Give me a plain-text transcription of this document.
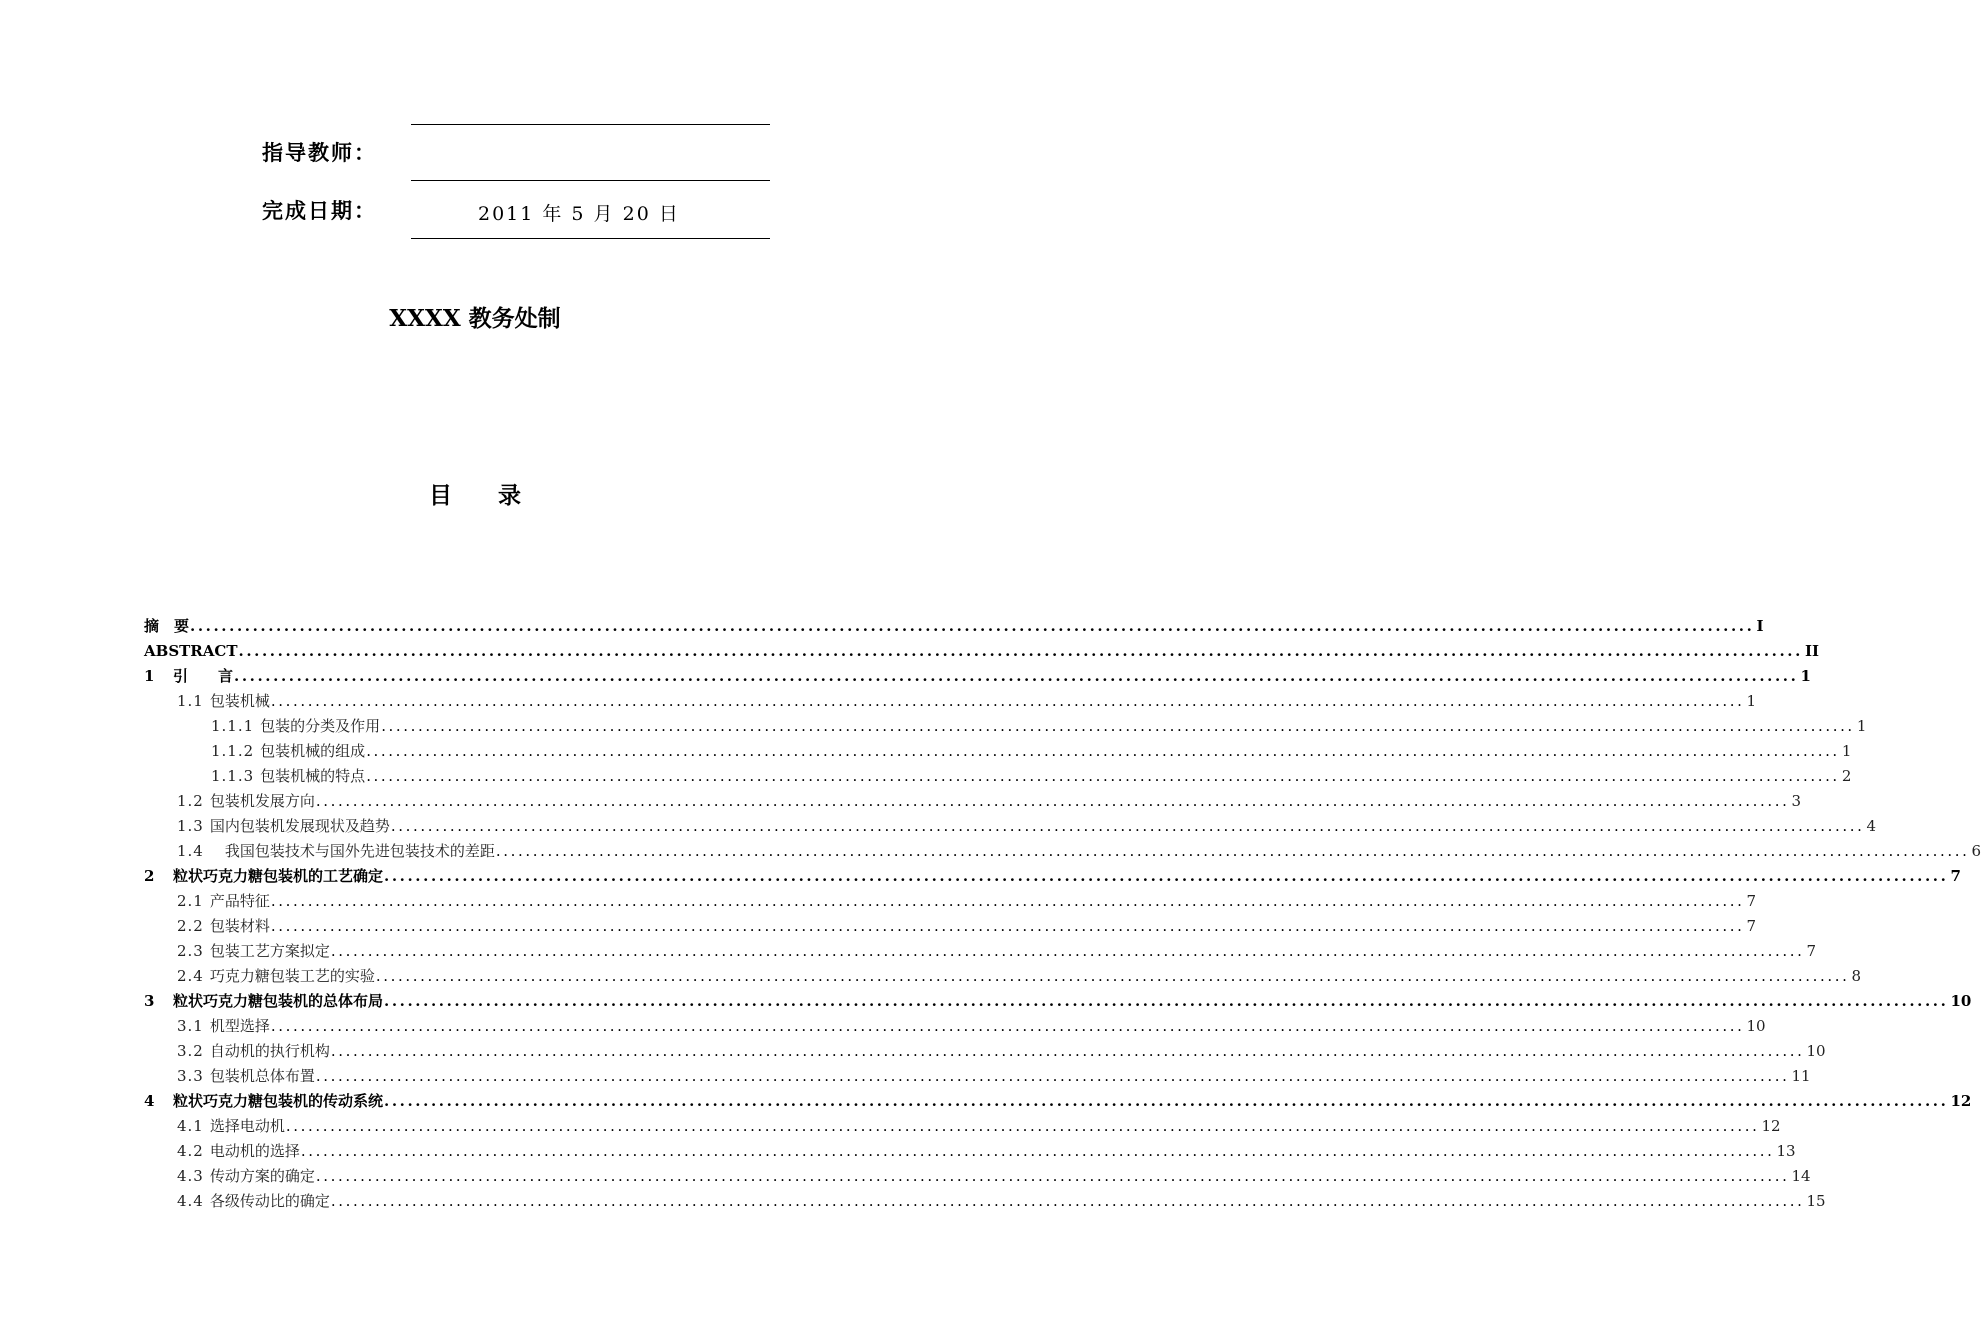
指导教师：
完成日期：	2011 年 5 月 20 日
XXXX 教务处制
目 录
摘　要 ........................................................................................................................................................................................................ I
ABSTRACT ........................................................................................................................................................................................................ II
1 引　　言 ........................................................................................................................................................................................................ 1
1.1 包装机械 ........................................................................................................................................................................................................ 1
1.1.1 包装的分类及作用 ........................................................................................................................................................................................................ 1
1.1.2 包装机械的组成 ........................................................................................................................................................................................................ 1
1.1.3 包装机械的特点 ........................................................................................................................................................................................................ 2
1.2 包装机发展方向 ........................................................................................................................................................................................................ 3
1.3 国内包装机发展现状及趋势 ........................................................................................................................................................................................................ 4
1.4　我国包装技术与国外先进包装技术的差距 ........................................................................................................................................................................................................ 6
2 粒状巧克力糖包装机的工艺确定 ........................................................................................................................................................................................................ 7
2.1 产品特征 ........................................................................................................................................................................................................ 7
2.2 包装材料 ........................................................................................................................................................................................................ 7
2.3 包装工艺方案拟定 ........................................................................................................................................................................................................ 7
2.4 巧克力糖包装工艺的实验 ........................................................................................................................................................................................................ 8
3 粒状巧克力糖包装机的总体布局 ........................................................................................................................................................................................................ 10
3.1 机型选择 ........................................................................................................................................................................................................ 10
3.2 自动机的执行机构 ........................................................................................................................................................................................................ 10
3.3 包装机总体布置 ........................................................................................................................................................................................................ 11
4 粒状巧克力糖包装机的传动系统 ........................................................................................................................................................................................................ 12
4.1 选择电动机 ........................................................................................................................................................................................................ 12
4.2 电动机的选择 ........................................................................................................................................................................................................ 13
4.3 传动方案的确定 ........................................................................................................................................................................................................ 14
4.4 各级传动比的确定 ........................................................................................................................................................................................................ 15
